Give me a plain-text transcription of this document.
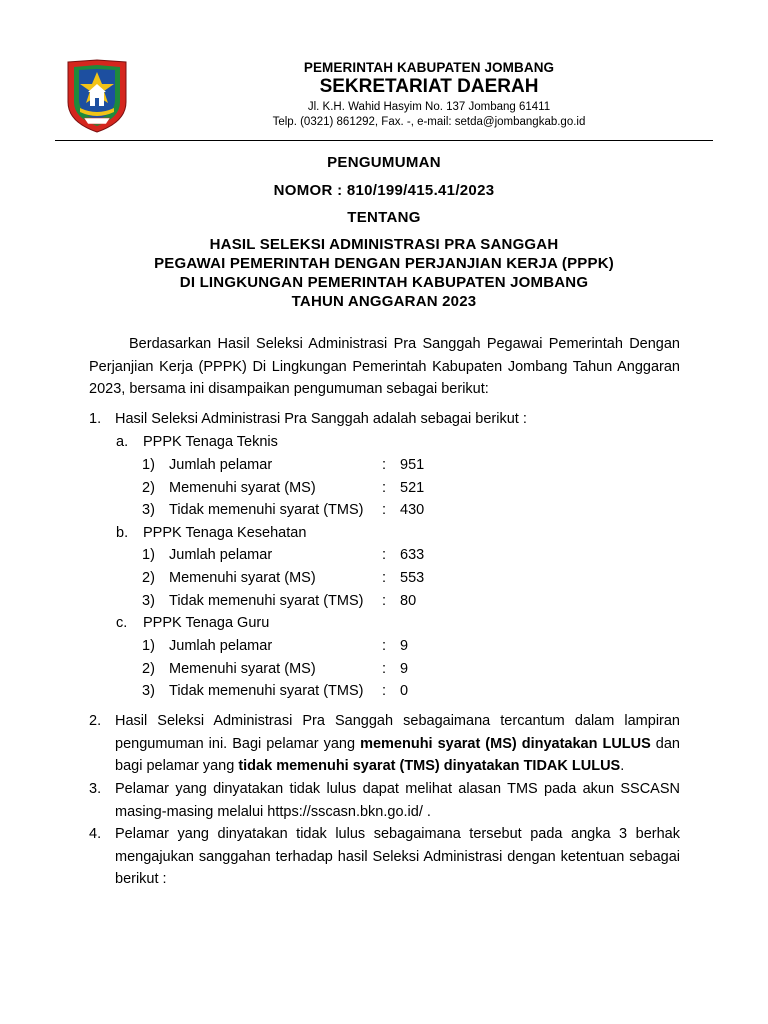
PEMERINTAH KABUPATEN JOMBANG
SEKRETARIAT DAERAH
Jl. K.H. Wahid Hasyim No. 137 Jombang 61411
Telp. (0321) 861292, Fax. -, e-mail: setda@jombangkab.go.id
PENGUMUMAN
NOMOR : 810/199/415.41/2023
TENTANG
HASIL SELEKSI ADMINISTRASI PRA SANGGAH
PEGAWAI PEMERINTAH DENGAN PERJANJIAN KERJA (PPPK)
DI LINGKUNGAN PEMERINTAH KABUPATEN JOMBANG
TAHUN ANGGARAN 2023
Berdasarkan Hasil Seleksi Administrasi Pra Sanggah Pegawai Pemerintah Dengan Perjanjian Kerja (PPPK) Di Lingkungan Pemerintah Kabupaten Jombang Tahun Anggaran 2023, bersama ini disampaikan pengumuman sebagai berikut:
1. Hasil Seleksi Administrasi Pra Sanggah adalah sebagai berikut :
a. PPPK Tenaga Teknis
1) Jumlah pelamar	: 951
2) Memenuhi syarat (MS)	: 521
3) Tidak memenuhi syarat (TMS) : 430
b. PPPK Tenaga Kesehatan
1) Jumlah pelamar	: 633
2) Memenuhi syarat (MS)	: 553
3) Tidak memenuhi syarat (TMS) : 80
c. PPPK Tenaga Guru
1) Jumlah pelamar	: 9
2) Memenuhi syarat (MS)	: 9
3) Tidak memenuhi syarat (TMS) : 0
2. Hasil Seleksi Administrasi Pra Sanggah sebagaimana tercantum dalam lampiran pengumuman ini. Bagi pelamar yang memenuhi syarat (MS) dinyatakan LULUS dan bagi pelamar yang tidak memenuhi syarat (TMS) dinyatakan TIDAK LULUS.
3. Pelamar yang dinyatakan tidak lulus dapat melihat alasan TMS pada akun SSCASN masing-masing melalui https://sscasn.bkn.go.id/ .
4. Pelamar yang dinyatakan tidak lulus sebagaimana tersebut pada angka 3 berhak mengajukan sanggahan terhadap hasil Seleksi Administrasi dengan ketentuan sebagai berikut :
